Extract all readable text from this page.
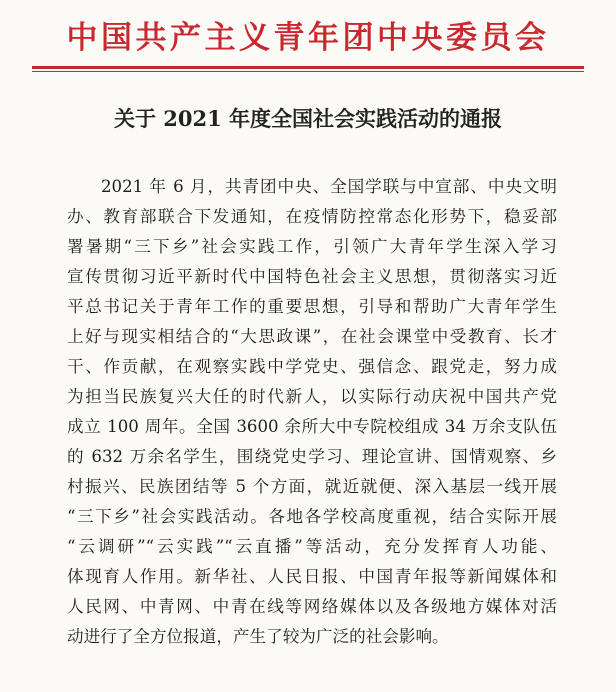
中国共产主义青年团中央委员会
关于 2021 年度全国社会实践活动的通报
2021 年 6 月，共青团中央、全国学联与中宣部、中央文明
办、教育部联合下发通知，在疫情防控常态化形势下，稳妥部
署暑期“三下乡”社会实践工作，引领广大青年学生深入学习
宣传贯彻习近平新时代中国特色社会主义思想，贯彻落实习近
平总书记关于青年工作的重要思想，引导和帮助广大青年学生
上好与现实相结合的“大思政课”，在社会课堂中受教育、长才
干、作贡献，在观察实践中学党史、强信念、跟党走，努力成
为担当民族复兴大任的时代新人，以实际行动庆祝中国共产党
成立 100 周年。全国 3600 余所大中专院校组成 34 万余支队伍
的 632 万余名学生，围绕党史学习、理论宣讲、国情观察、乡
村振兴、民族团结等 5 个方面，就近就便、深入基层一线开展
“三下乡”社会实践活动。各地各学校高度重视，结合实际开展
“云调研”“云实践”“云直播”等活动，充分发挥育人功能、
体现育人作用。新华社、人民日报、中国青年报等新闻媒体和
人民网、中青网、中青在线等网络媒体以及各级地方媒体对活
动进行了全方位报道，产生了较为广泛的社会影响。
